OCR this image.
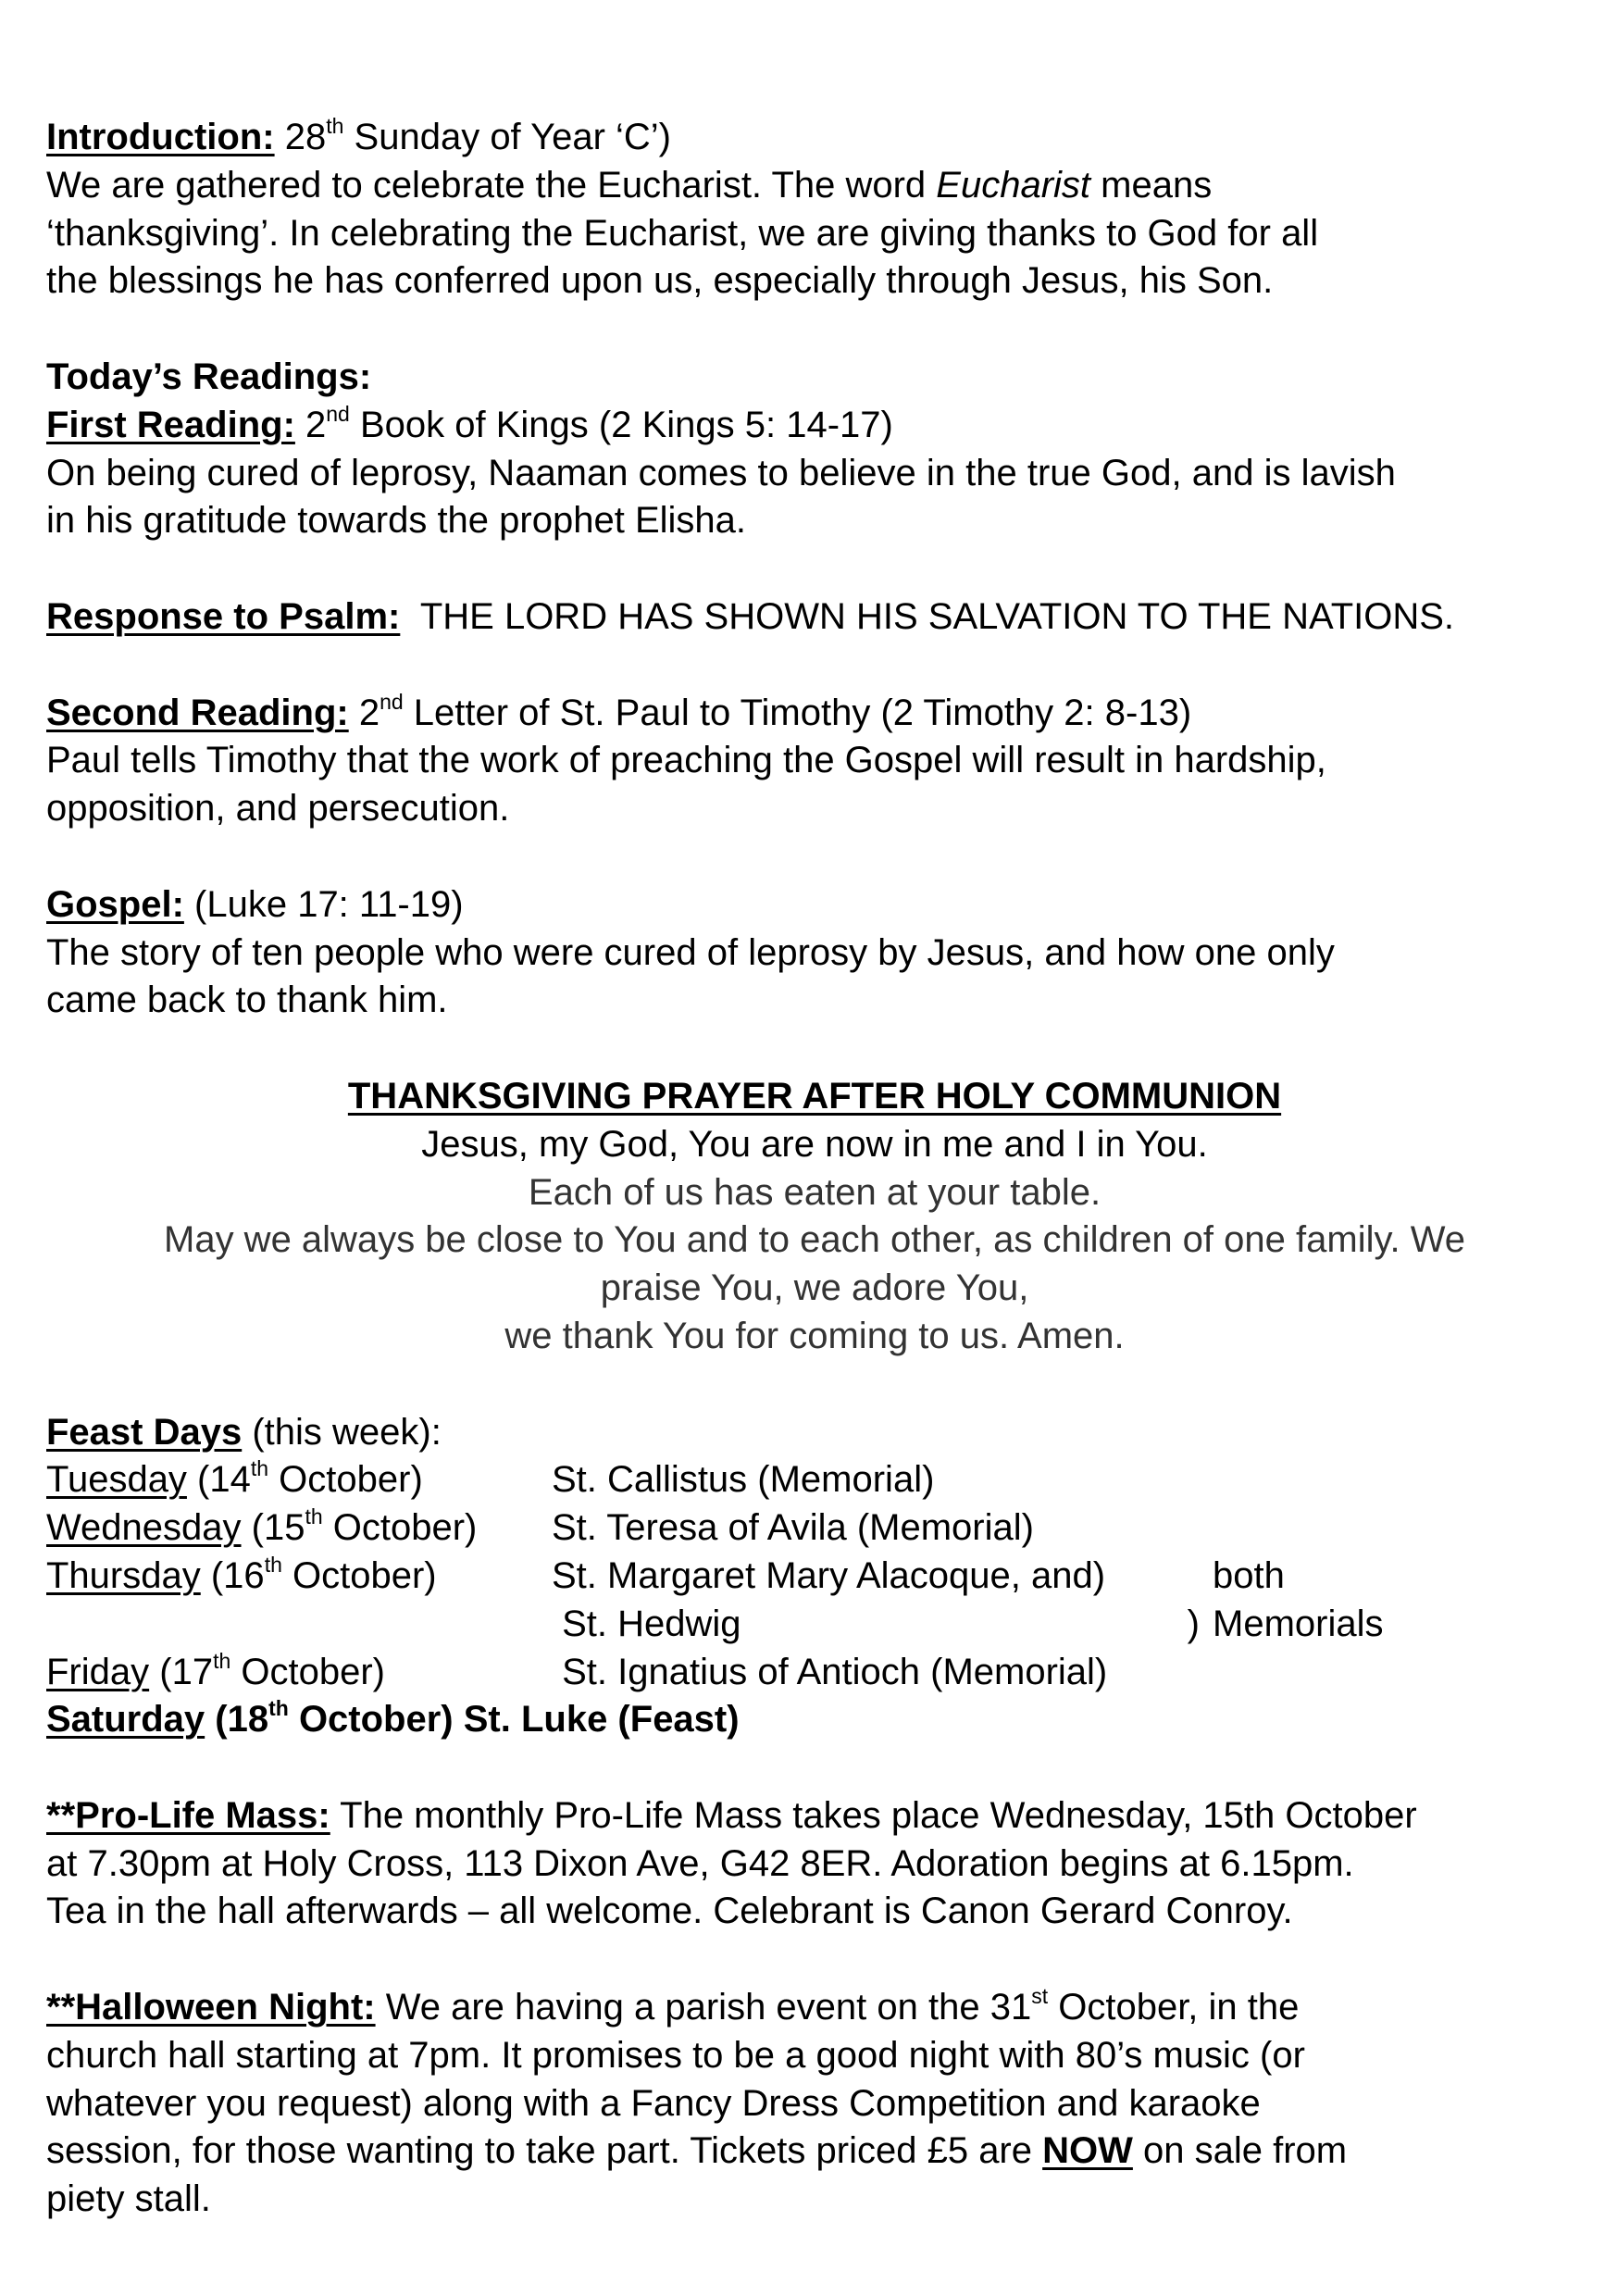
Introduction: 28th Sunday of Year ‘C’)
We are gathered to celebrate the Eucharist. The word Eucharist means
‘thanksgiving’. In celebrating the Eucharist, we are giving thanks to God for all
the blessings he has conferred upon us, especially through Jesus, his Son.
Today’s Readings:
First Reading: 2nd Book of Kings (2 Kings 5: 14-17)
On being cured of leprosy, Naaman comes to believe in the true God, and is lavish
in his gratitude towards the prophet Elisha.
Response to Psalm:  THE LORD HAS SHOWN HIS SALVATION TO THE NATIONS.
Second Reading: 2nd Letter of St. Paul to Timothy (2 Timothy 2: 8-13)
Paul tells Timothy that the work of preaching the Gospel will result in hardship,
opposition, and persecution.
Gospel: (Luke 17: 11-19)
The story of ten people who were cured of leprosy by Jesus, and how one only
came back to thank him.
THANKSGIVING PRAYER AFTER HOLY COMMUNION
Jesus, my God, You are now in me and I in You.
Each of us has eaten at your table.
May we always be close to You and to each other, as children of one family. We
praise You, we adore You,
we thank You for coming to us. Amen.
Feast Days (this week):
Tuesday (14th October)	St. Callistus (Memorial)
Wednesday (15th October) St. Teresa of Avila (Memorial)
Thursday (16th October)	St. Margaret Mary Alacoque, and)	both
St. Hedwig	) Memorials
Friday (17th October)	St. Ignatius of Antioch (Memorial)
Saturday (18th October) St. Luke (Feast)
**Pro-Life Mass: The monthly Pro-Life Mass takes place Wednesday, 15th October
at 7.30pm at Holy Cross, 113 Dixon Ave, G42 8ER. Adoration begins at 6.15pm.
Tea in the hall afterwards – all welcome. Celebrant is Canon Gerard Conroy.
**Halloween Night: We are having a parish event on the 31st October, in the
church hall starting at 7pm. It promises to be a good night with 80’s music (or
whatever you request) along with a Fancy Dress Competition and karaoke
session, for those wanting to take part. Tickets priced £5 are NOW on sale from
piety stall.
